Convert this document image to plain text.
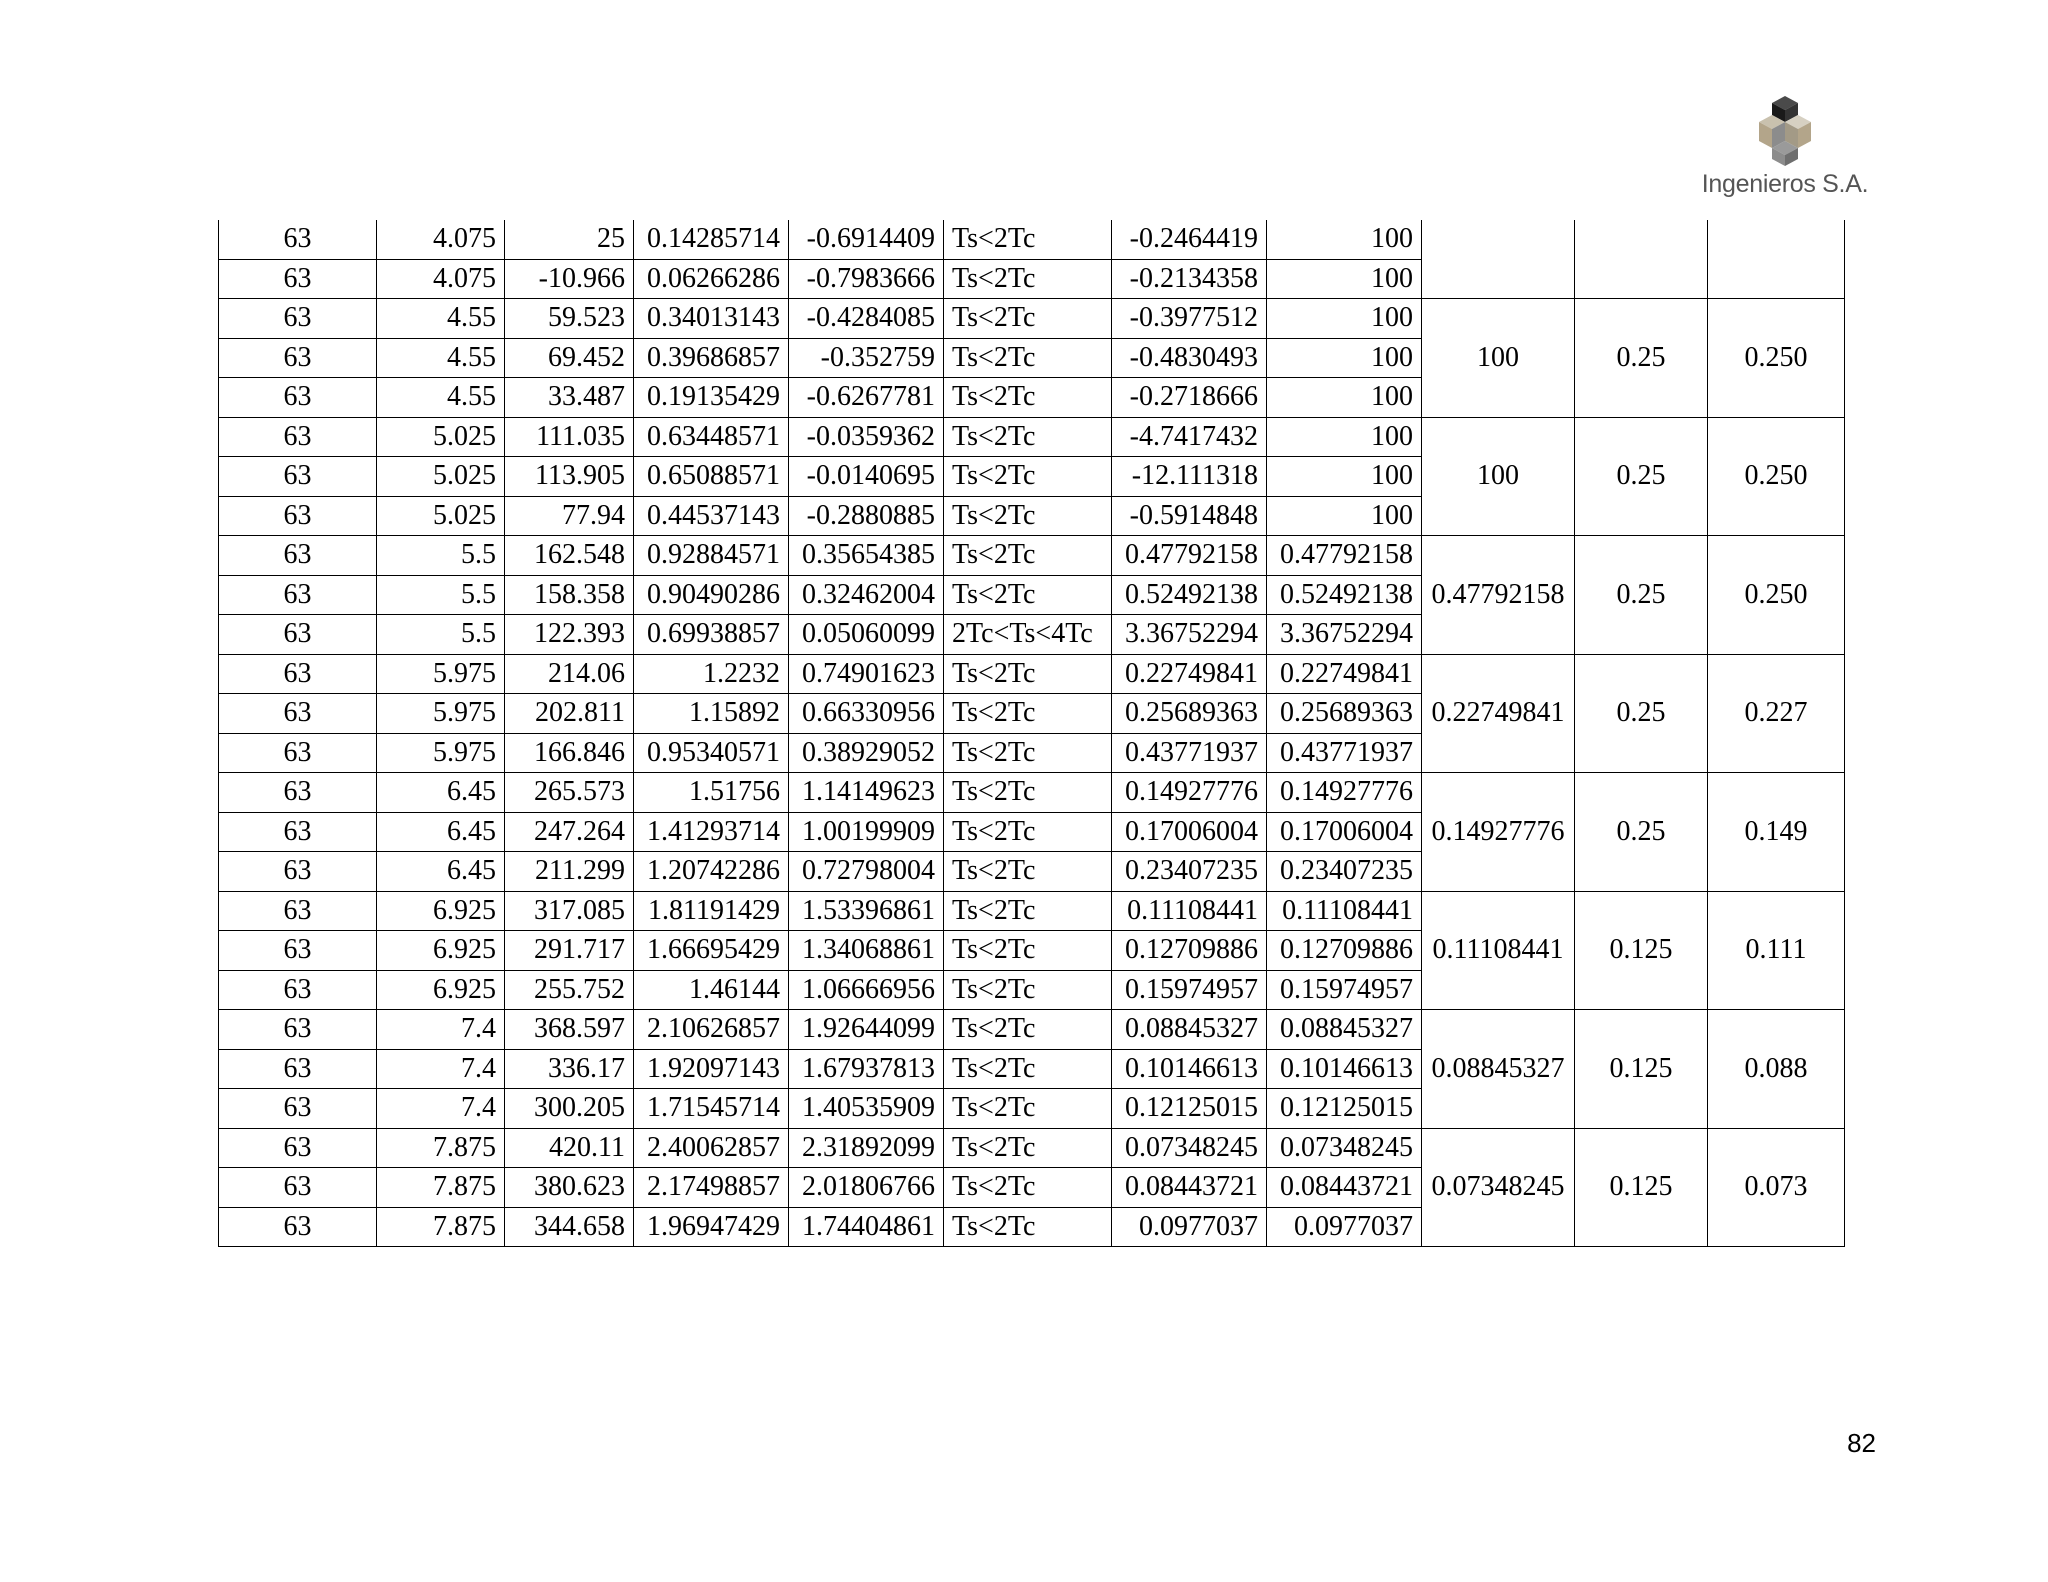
Ingenieros S.A.
63	4.075	25	0.14285714	-0.6914409	Ts<2Tc	-0.2464419	100			
63	4.075	-10.966	0.06266286	-0.7983666	Ts<2Tc	-0.2134358	100			
63	4.55	59.523	0.34013143	-0.4284085	Ts<2Tc	-0.3977512	100	100	0.25	0.250
63	4.55	69.452	0.39686857	-0.352759	Ts<2Tc	-0.4830493	100			
63	4.55	33.487	0.19135429	-0.6267781	Ts<2Tc	-0.2718666	100			
63	5.025	111.035	0.63448571	-0.0359362	Ts<2Tc	-4.7417432	100	100	0.25	0.250
63	5.025	113.905	0.65088571	-0.0140695	Ts<2Tc	-12.111318	100			
63	5.025	77.94	0.44537143	-0.2880885	Ts<2Tc	-0.5914848	100			
63	5.5	162.548	0.92884571	0.35654385	Ts<2Tc	0.47792158	0.47792158	0.47792158	0.25	0.250
63	5.5	158.358	0.90490286	0.32462004	Ts<2Tc	0.52492138	0.52492138			
63	5.5	122.393	0.69938857	0.05060099	2Tc<Ts<4Tc	3.36752294	3.36752294			
63	5.975	214.06	1.2232	0.74901623	Ts<2Tc	0.22749841	0.22749841	0.22749841	0.25	0.227
63	5.975	202.811	1.15892	0.66330956	Ts<2Tc	0.25689363	0.25689363			
63	5.975	166.846	0.95340571	0.38929052	Ts<2Tc	0.43771937	0.43771937			
63	6.45	265.573	1.51756	1.14149623	Ts<2Tc	0.14927776	0.14927776	0.14927776	0.25	0.149
63	6.45	247.264	1.41293714	1.00199909	Ts<2Tc	0.17006004	0.17006004			
63	6.45	211.299	1.20742286	0.72798004	Ts<2Tc	0.23407235	0.23407235			
63	6.925	317.085	1.81191429	1.53396861	Ts<2Tc	0.11108441	0.11108441	0.11108441	0.125	0.111
63	6.925	291.717	1.66695429	1.34068861	Ts<2Tc	0.12709886	0.12709886			
63	6.925	255.752	1.46144	1.06666956	Ts<2Tc	0.15974957	0.15974957			
63	7.4	368.597	2.10626857	1.92644099	Ts<2Tc	0.08845327	0.08845327	0.08845327	0.125	0.088
63	7.4	336.17	1.92097143	1.67937813	Ts<2Tc	0.10146613	0.10146613			
63	7.4	300.205	1.71545714	1.40535909	Ts<2Tc	0.12125015	0.12125015			
63	7.875	420.11	2.40062857	2.31892099	Ts<2Tc	0.07348245	0.07348245	0.07348245	0.125	0.073
63	7.875	380.623	2.17498857	2.01806766	Ts<2Tc	0.08443721	0.08443721			
63	7.875	344.658	1.96947429	1.74404861	Ts<2Tc	0.0977037	0.0977037			
82
